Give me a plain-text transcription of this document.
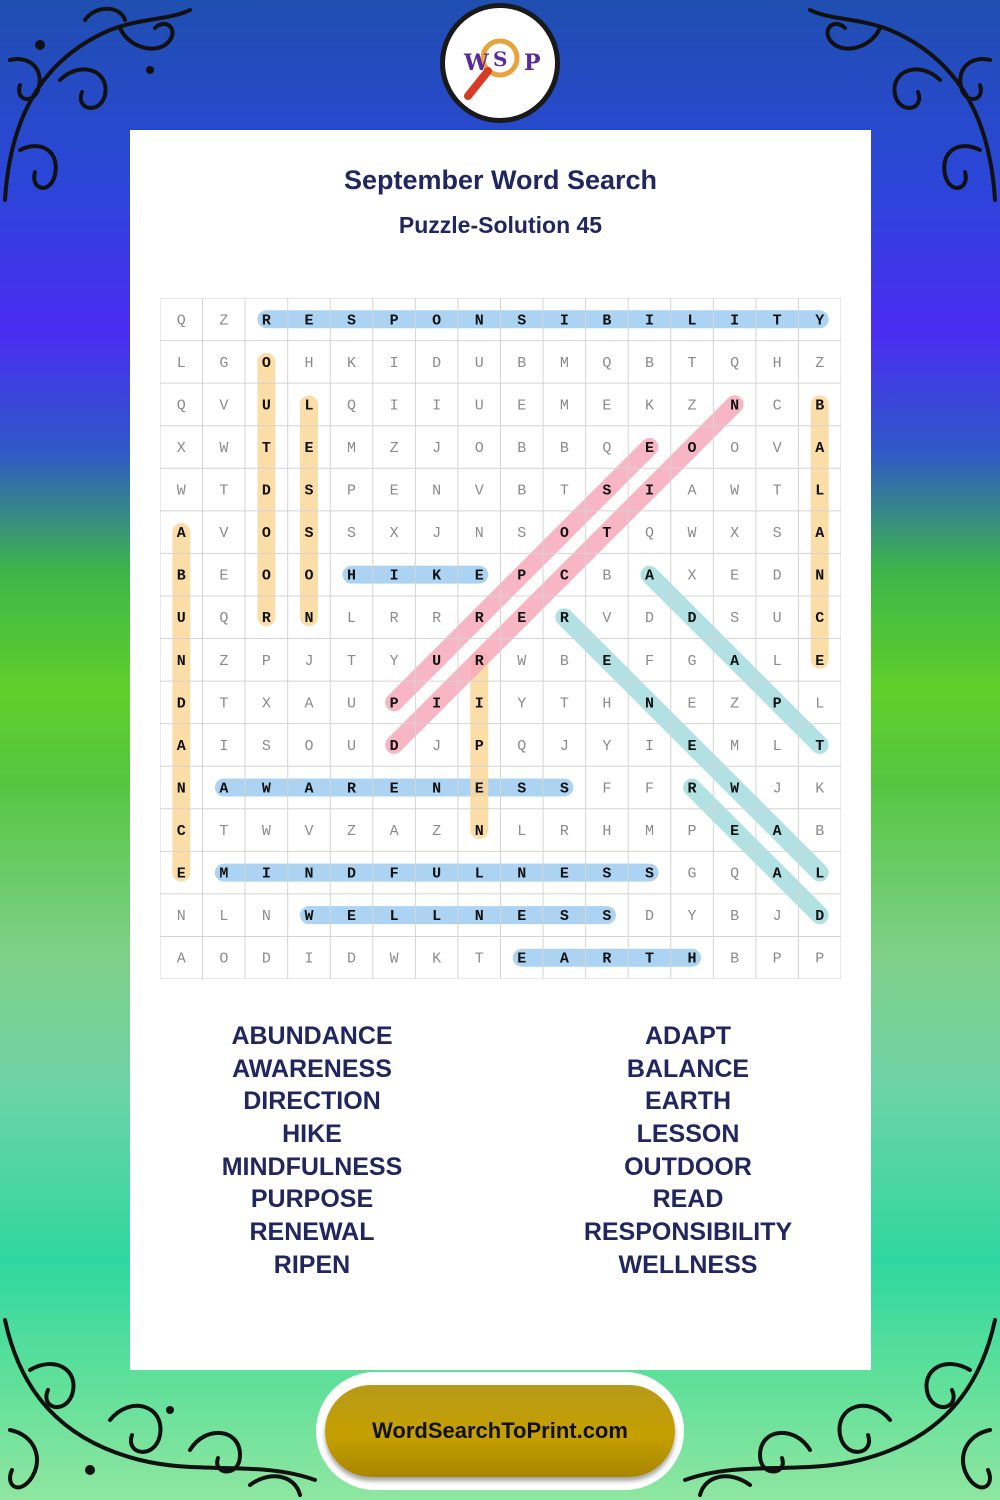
W S P
September Word Search
Puzzle-Solution 45
Q Z R E S P O N S I B I L I T Y
L G O H K I D U B M Q B T Q H Z
Q V U L Q I I U E M E K Z N C B
X W T E M Z J O B B Q E O O V A
W T D S P E N V B T S I A W T L
A V O S S X J N S O T Q W X S A
B E O O H I K E P C B A X E D N
U Q R N L R R R E R V D D S U C
N Z P J T Y U R W B E F G A L E
D T X A U P I I Y T H N E Z P L
A I S O U D J P Q J Y I E M L T
N A W A R E N E S S F F R W J K
C T W V Z A Z N L R H M P E A B
E M I N D F U L N E S S G Q A L
N L N W E L L N E S S D Y B J D
A O D I D W K T E A R T H B P P
ABUNDANCE
AWARENESS
DIRECTION
HIKE
MINDFULNESS
PURPOSE
RENEWAL
RIPEN
ADAPT
BALANCE
EARTH
LESSON
OUTDOOR
READ
RESPONSIBILITY
WELLNESS
WordSearchToPrint.com
